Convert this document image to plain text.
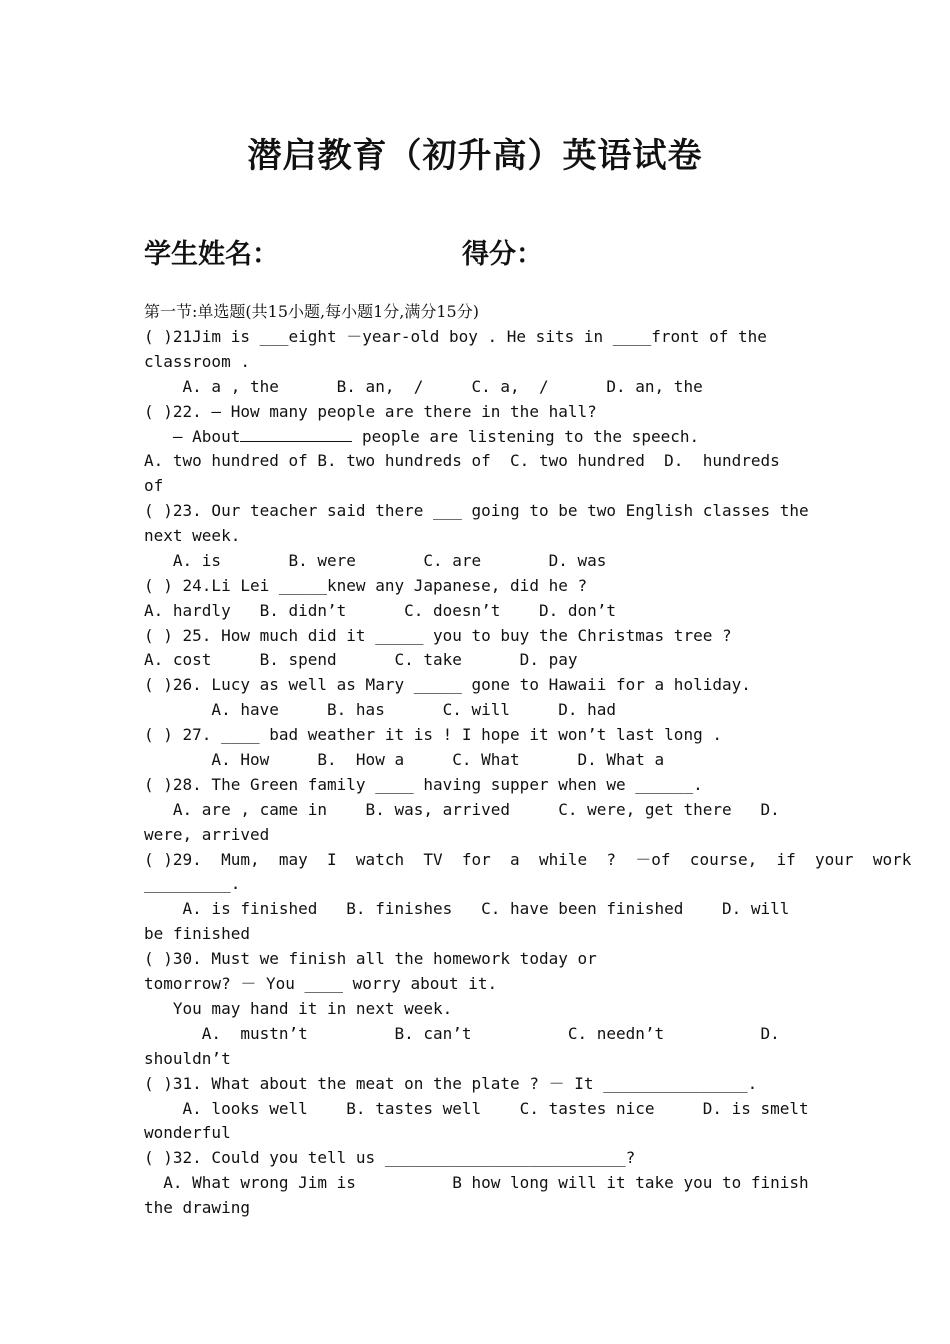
潜启教育（初升高）英语试卷
学生姓名：	得分：
第一节:单选题(共15小题,每小题1分,满分15分)
( )21Jim is ___eight －year-old boy . He sits in ____front of the
classroom .
A. a , the      B. an,  /     C. a,  /      D. an, the
( )22. — How many people are there in the hall?
— About	people are listening to the speech.
A. two hundred of B. two hundreds of  C. two hundred  D.  hundreds
of
( )23. Our teacher said there ___ going to be two English classes the
next week.
A. is       B. were       C. are       D. was
( ) 24.Li Lei _____knew any Japanese, did he ?
A. hardly   B. didn’t      C. doesn’t    D. don’t
( ) 25. How much did it _____ you to buy the Christmas tree ?
A. cost     B. spend      C. take      D. pay
( )26. Lucy as well as Mary _____ gone to Hawaii for a holiday.
A. have     B. has      C. will     D. had
( ) 27. ____ bad weather it is ! I hope it won’t last long .
A. How     B.  How a     C. What      D. What a
( )28. The Green family ____ having supper when we ______.
A. are , came in    B. was, arrived     C. were, get there   D.
were, arrived
( )29.  Mum,  may  I  watch  TV  for  a  while  ?  －of  course,  if  your  work
_________.
A. is finished   B. finishes   C. have been finished    D. will
be finished
( )30. Must we finish all the homework today or
tomorrow? － You ____ worry about it.
You may hand it in next week.
A.  mustn’t         B. can’t          C. needn’t          D.
shouldn’t
( )31. What about the meat on the plate ? － It _______________.
A. looks well    B. tastes well    C. tastes nice     D. is smelt
wonderful
( )32. Could you tell us _________________________?
A. What wrong Jim is          B how long will it take you to finish
the drawing
